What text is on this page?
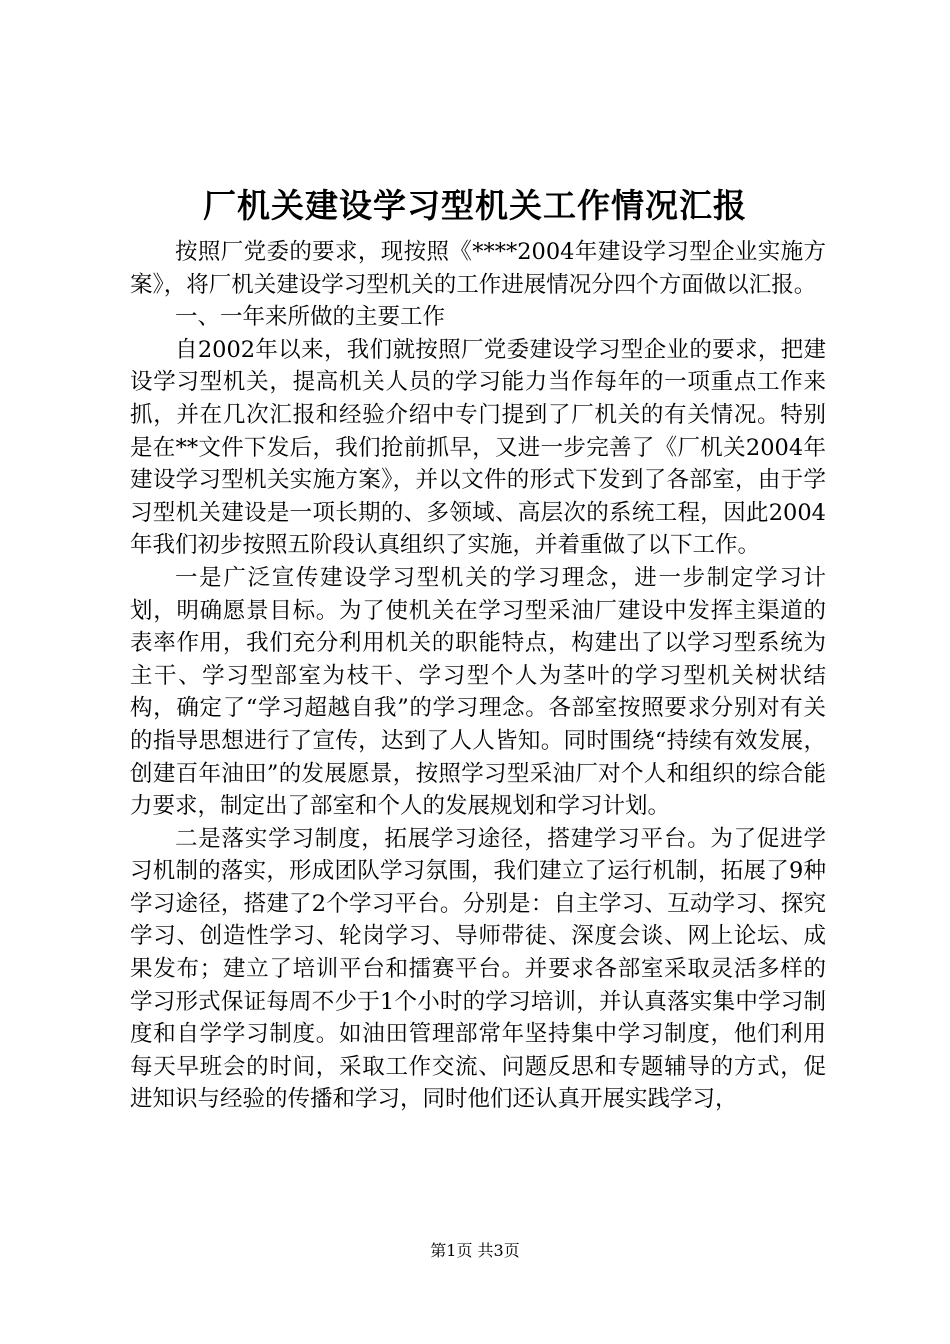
厂机关建设学习型机关工作情况汇报

按照厂党委的要求，现按照《****2004年建设学习型企业实施方案》，将厂机关建设学习型机关的工作进展情况分四个方面做以汇报。

一、一年来所做的主要工作

自2002年以来，我们就按照厂党委建设学习型企业的要求，把建设学习型机关，提高机关人员的学习能力当作每年的一项重点工作来抓，并在几次汇报和经验介绍中专门提到了厂机关的有关情况。特别是在**文件下发后，我们抢前抓早，又进一步完善了《厂机关2004年建设学习型机关实施方案》，并以文件的形式下发到了各部室，由于学习型机关建设是一项长期的、多领域、高层次的系统工程，因此2004年我们初步按照五阶段认真组织了实施，并着重做了以下工作。

一是广泛宣传建设学习型机关的学习理念，进一步制定学习计划，明确愿景目标。为了使机关在学习型采油厂建设中发挥主渠道的表率作用，我们充分利用机关的职能特点，构建出了以学习型系统为主干、学习型部室为枝干、学习型个人为茎叶的学习型机关树状结构，确定了“学习超越自我”的学习理念。各部室按照要求分别对有关的指导思想进行了宣传，达到了人人皆知。同时围绕“持续有效发展，创建百年油田”的发展愿景，按照学习型采油厂对个人和组织的综合能力要求，制定出了部室和个人的发展规划和学习计划。

二是落实学习制度，拓展学习途径，搭建学习平台。为了促进学习机制的落实，形成团队学习氛围，我们建立了运行机制，拓展了9种学习途径，搭建了2个学习平台。分别是：自主学习、互动学习、探究学习、创造性学习、轮岗学习、导师带徒、深度会谈、网上论坛、成果发布；建立了培训平台和擂赛平台。并要求各部室采取灵活多样的学习形式保证每周不少于1个小时的学习培训，并认真落实集中学习制度和自学学习制度。如油田管理部常年坚持集中学习制度，他们利用每天早班会的时间，采取工作交流、问题反思和专题辅导的方式，促进知识与经验的传播和学习，同时他们还认真开展实践学习，

第1页 共3页
